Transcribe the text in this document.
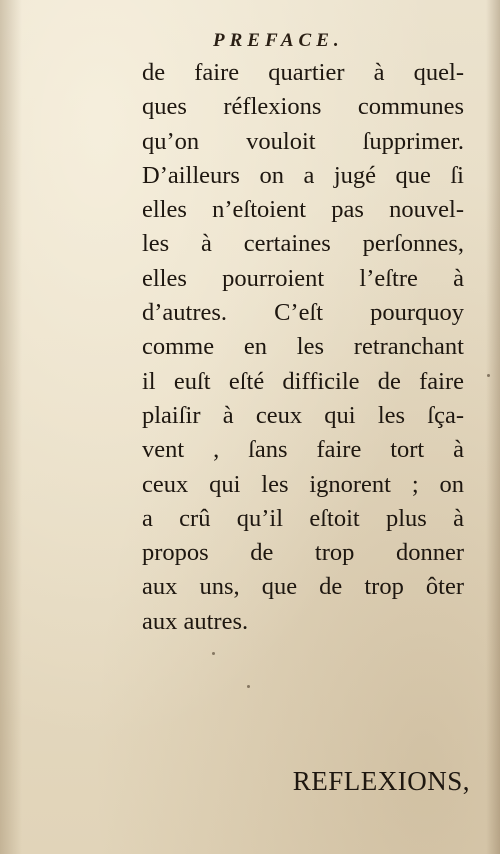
PREFACE.
de faire quartier à quel-
ques réflexions communes
qu’on vouloit ſupprimer.
D’ailleurs on a jugé que ſi
elles n’eſtoient pas nouvel-
les à certaines perſonnes,
elles pourroient l’eſtre à
d’autres. C’eſt pourquoy
comme en les retranchant
il euſt eſté difficile de faire
plaiſir à ceux qui les ſça-
vent , ſans faire tort à
ceux qui les ignorent ; on
a crû qu’il eſtoit plus à
propos de trop donner
aux uns, que de trop ôter
aux autres.

REFLEXIONS,
